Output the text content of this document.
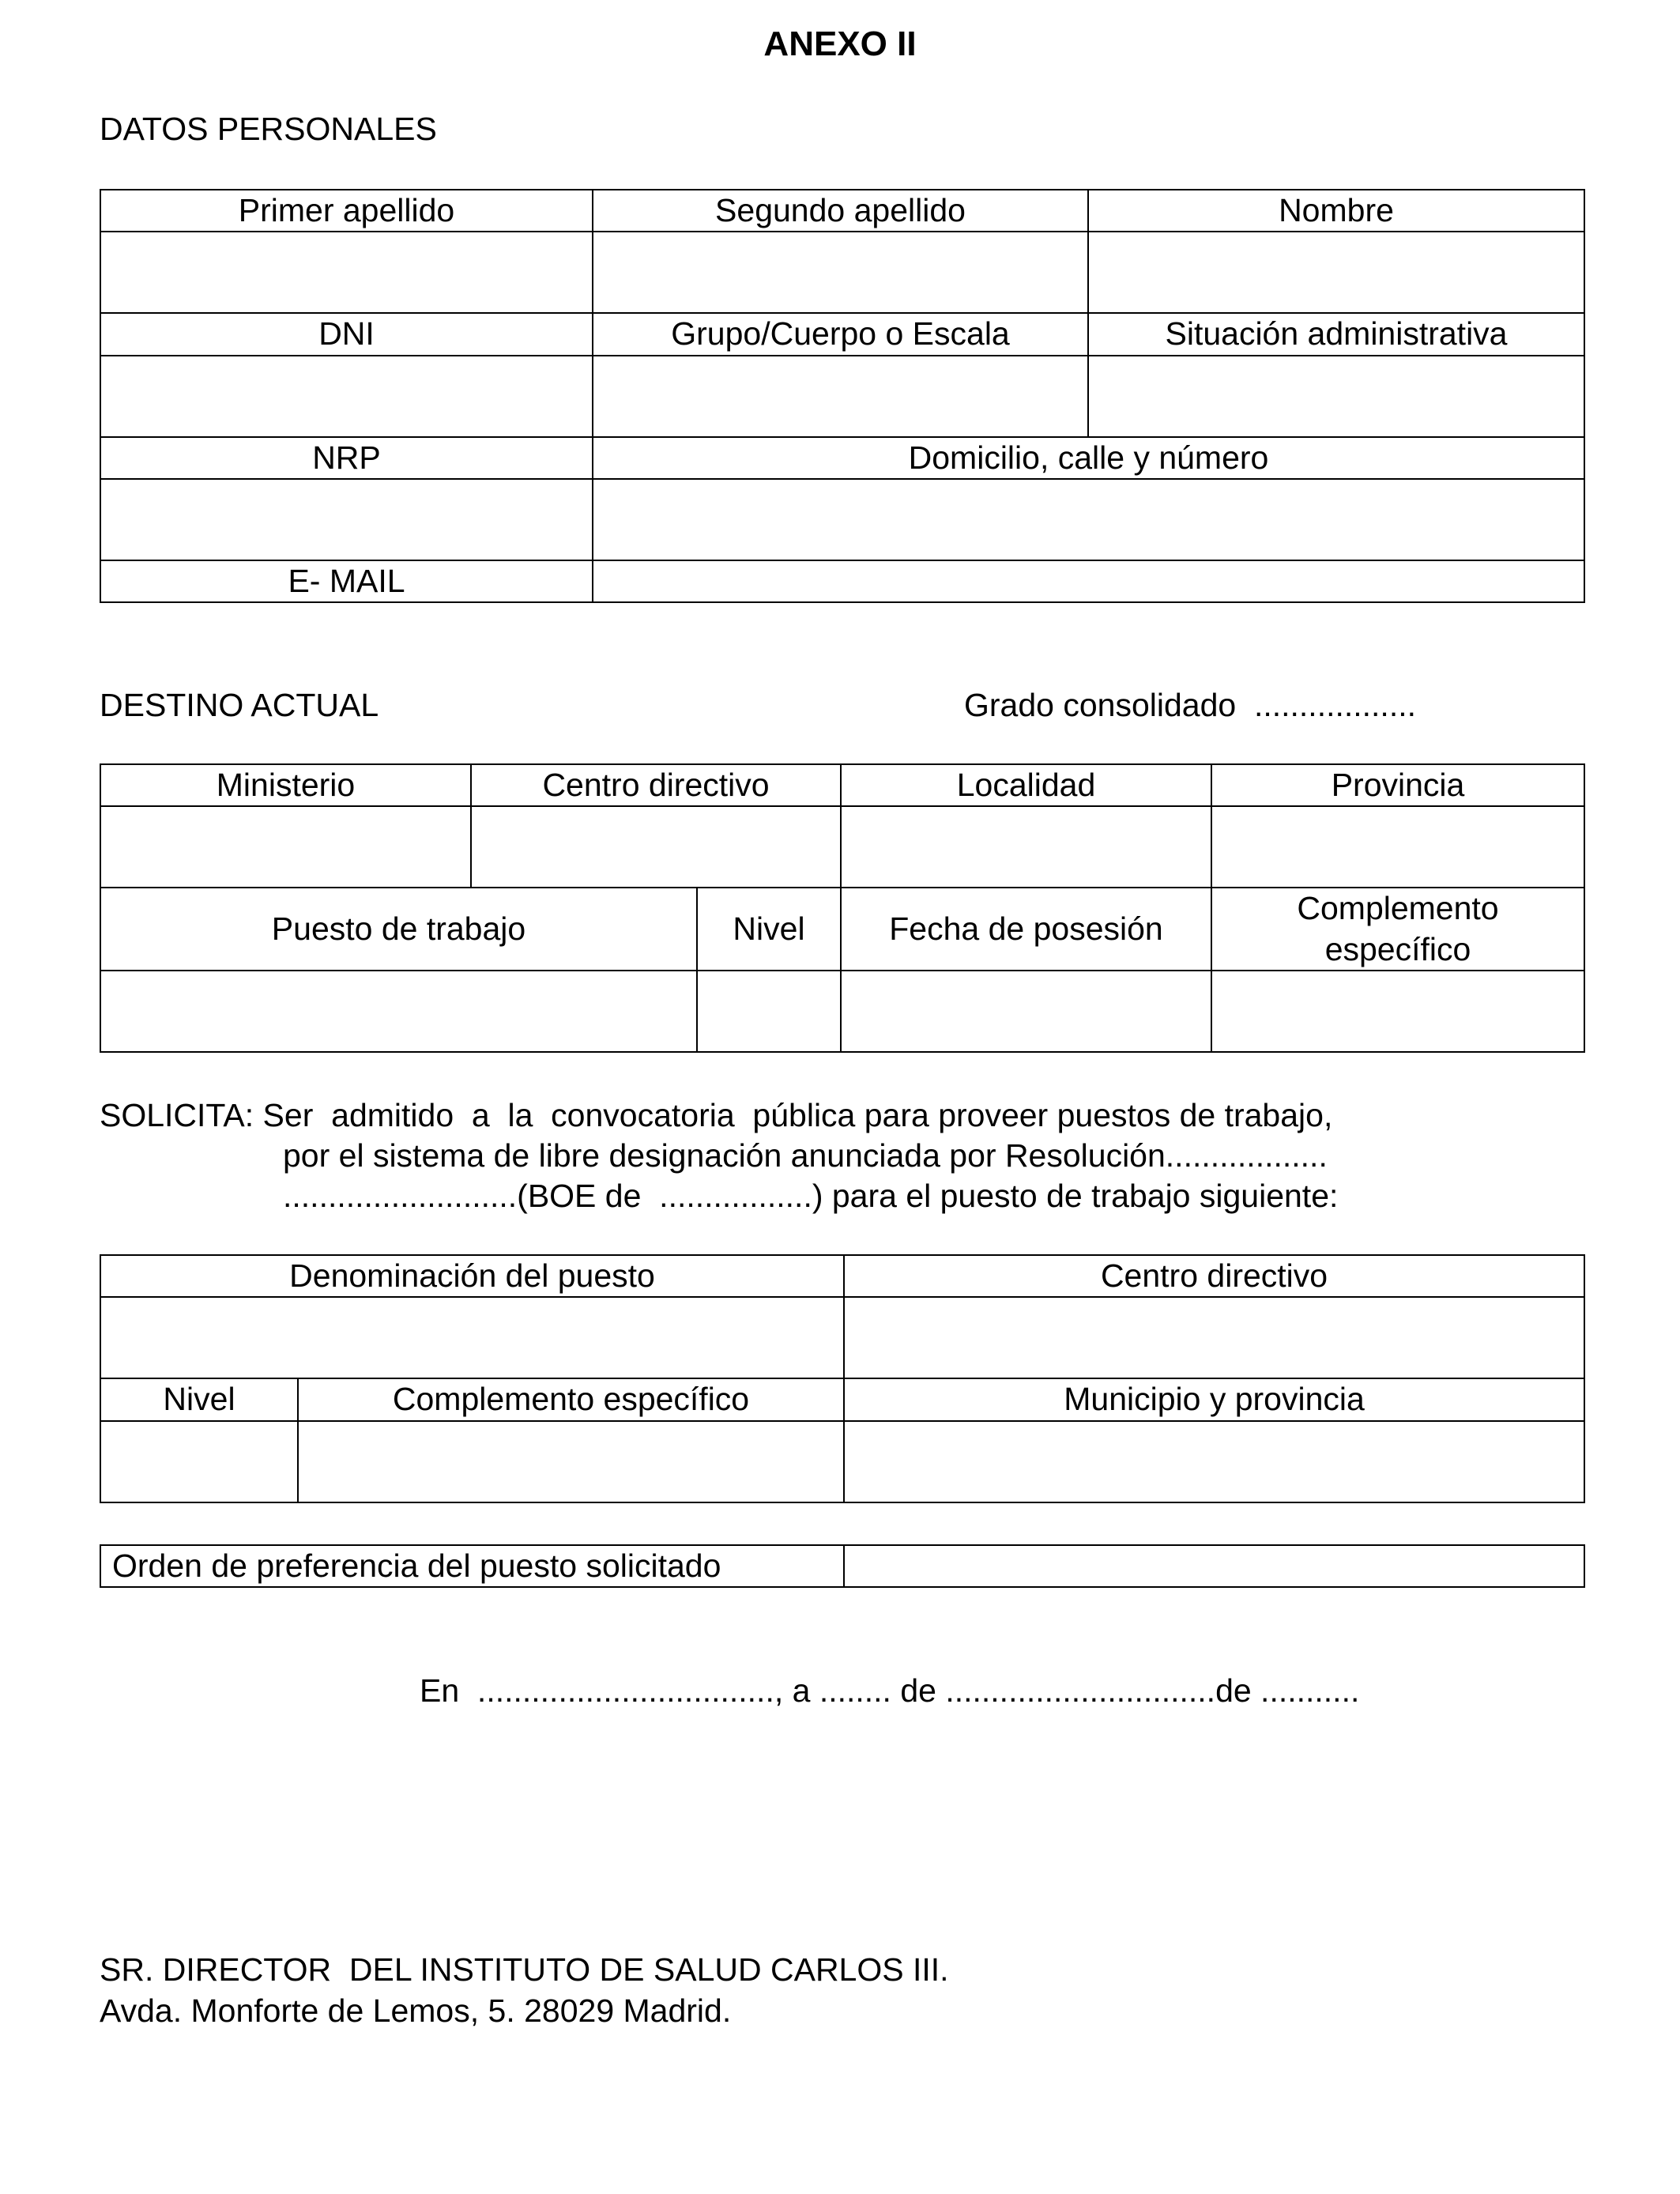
ANEXO II
DATOS PERSONALES
Primer apellido	Segundo apellido	Nombre

DNI	Grupo/Cuerpo o Escala	Situación administrativa

NRP	Domicilio, calle y número	

E- MAIL		
DESTINO ACTUAL	Grado consolidado  ..................
Ministerio	Centro directivo		Localidad	Provincia

Puesto de trabajo		Nivel	Fecha de posesión	Complemento
específico

SOLICITA: Ser  admitido  a  la  convocatoria  pública para proveer puestos de trabajo,
por el sistema de libre designación anunciada por Resolución..................
..........................(BOE de  .................) para el puesto de trabajo siguiente:
Denominación del puesto		Centro directivo

Nivel	Complemento específico	Municipio y provincia

Orden de preferencia del puesto solicitado	
En  ................................., a ........ de ..............................de ...........
SR. DIRECTOR  DEL INSTITUTO DE SALUD CARLOS III.
Avda. Monforte de Lemos, 5. 28029 Madrid.
